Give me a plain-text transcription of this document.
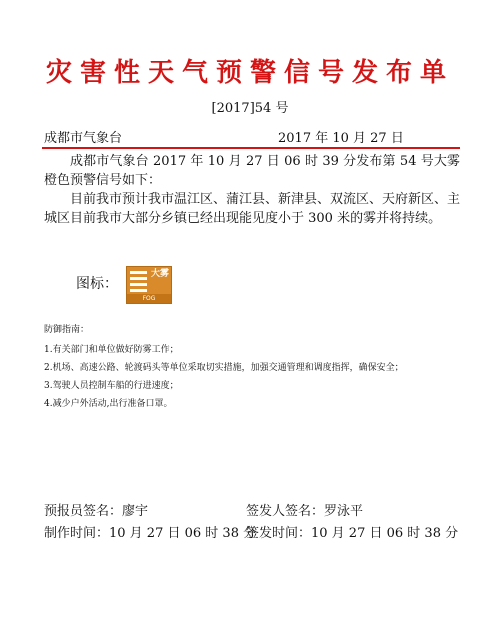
灾害性天气预警信号发布单
[2017]54 号
成都市气象台	2017 年 10 月 27 日

成都市气象台 2017 年 10 月 27 日 06 时 39 分发布第 54 号大雾橙色预警信号如下：

目前我市预计我市温江区、蒲江县、新津县、双流区、天府新区、主城区目前我市大部分乡镇已经出现能见度小于 300 米的雾并将持续。

图标：
大雾
FOG

防御指南：

1.有关部门和单位做好防雾工作；

2.机场、高速公路、轮渡码头等单位采取切实措施，加强交通管理和调度指挥，确保安全；

3.驾驶人员控制车船的行进速度；

4.减少户外活动,出行准备口罩。

预报员签名：廖宇	签发人签名：罗泳平
制作时间：10 月 27 日 06 时 38 分
签发时间：10 月 27 日 06 时 38 分
